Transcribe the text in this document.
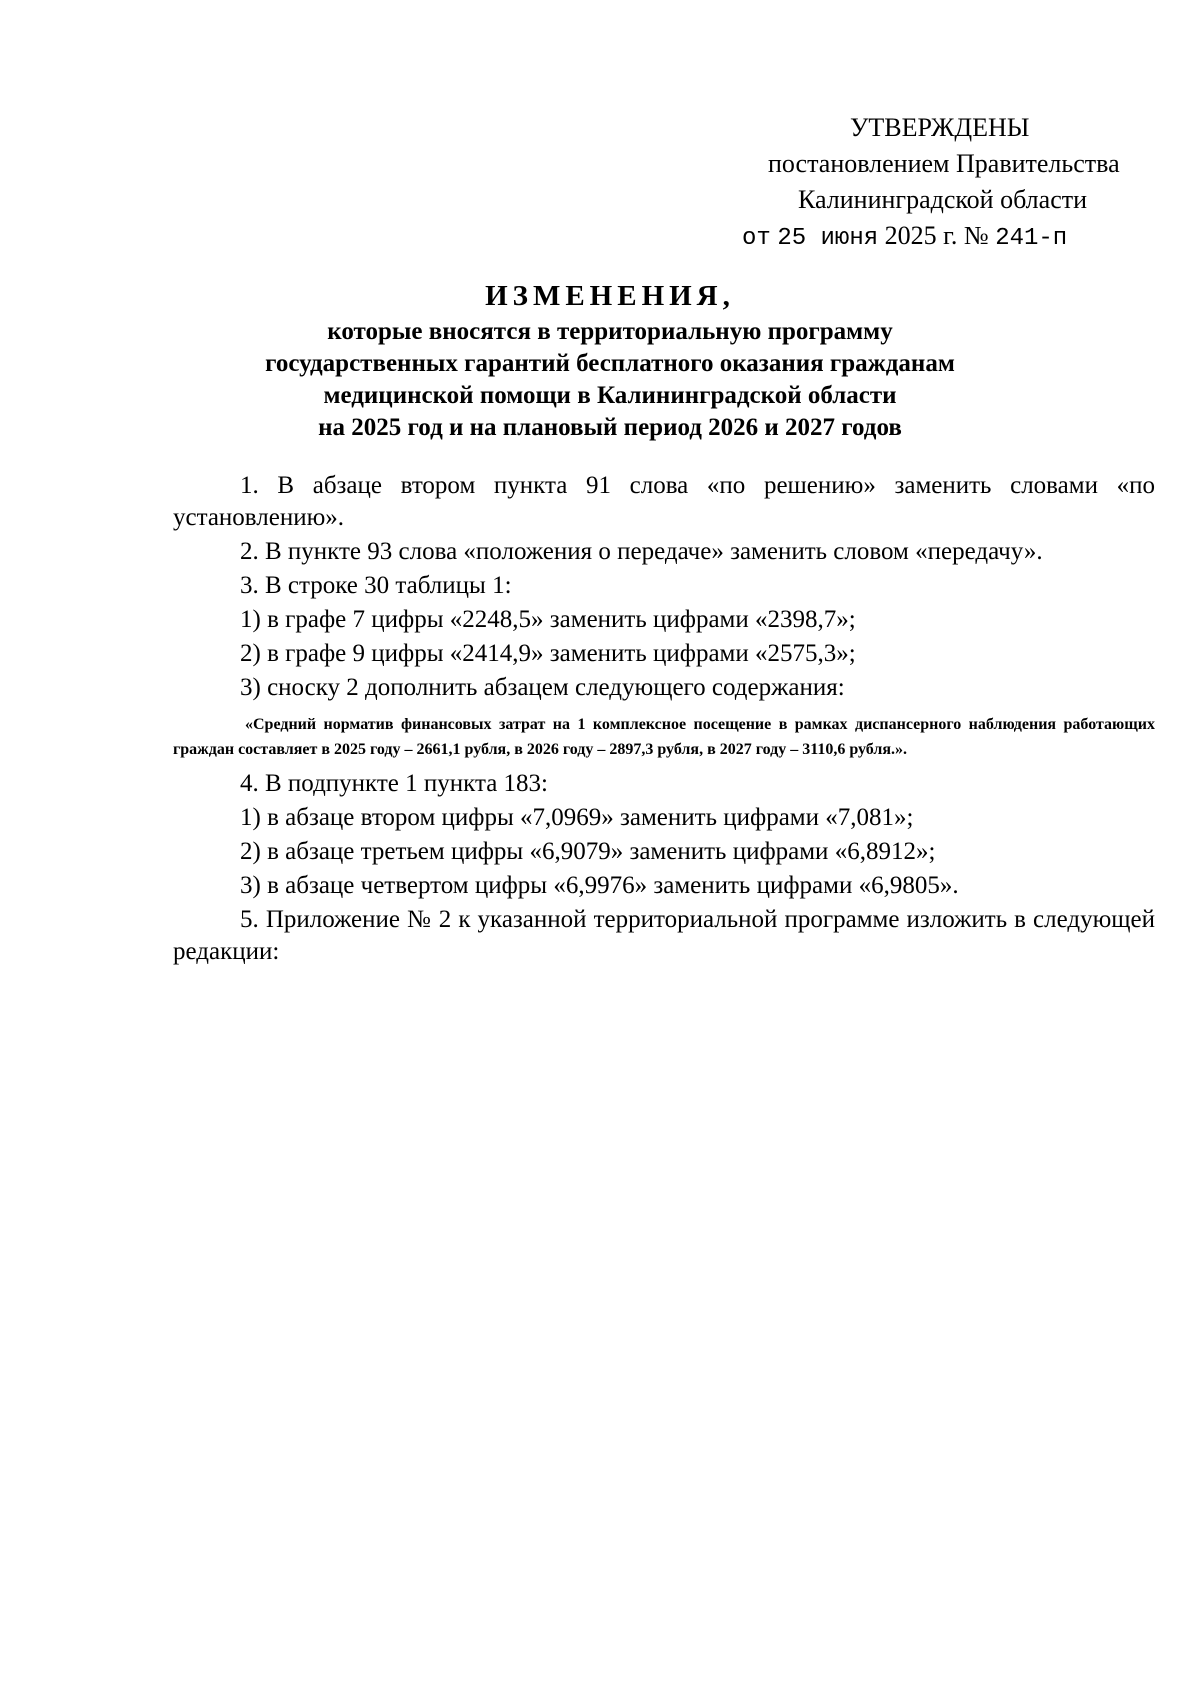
УТВЕРЖДЕНЫ
постановлением Правительства
Калининградской области
от 25 июня 2025 г. № 241-п
ИЗМЕНЕНИЯ,
которые вносятся в территориальную программу
государственных гарантий бесплатного оказания гражданам
медицинской помощи в Калининградской области
на 2025 год и на плановый период 2026 и 2027 годов

1. В абзаце втором пункта 91 слова «по решению» заменить словами «по установлению».

2. В пункте 93 слова «положения о передаче» заменить словом «передачу».

3. В строке 30 таблицы 1:

1) в графе 7 цифры «2248,5» заменить цифрами «2398,7»;

2) в графе 9 цифры «2414,9» заменить цифрами «2575,3»;

3) сноску 2 дополнить абзацем следующего содержания:

«Средний норматив финансовых затрат на 1 комплексное посещение в рамках диспансерного наблюдения работающих граждан составляет в 2025 году – 2661,1 рубля, в 2026 году – 2897,3 рубля, в 2027 году – 3110,6 рубля.».

4. В подпункте 1 пункта 183:

1) в абзаце втором цифры «7,0969» заменить цифрами «7,081»;

2) в абзаце третьем цифры «6,9079» заменить цифрами «6,8912»;

3) в абзаце четвертом цифры «6,9976» заменить цифрами «6,9805».

5. Приложение № 2 к указанной территориальной программе изложить в следующей редакции:
